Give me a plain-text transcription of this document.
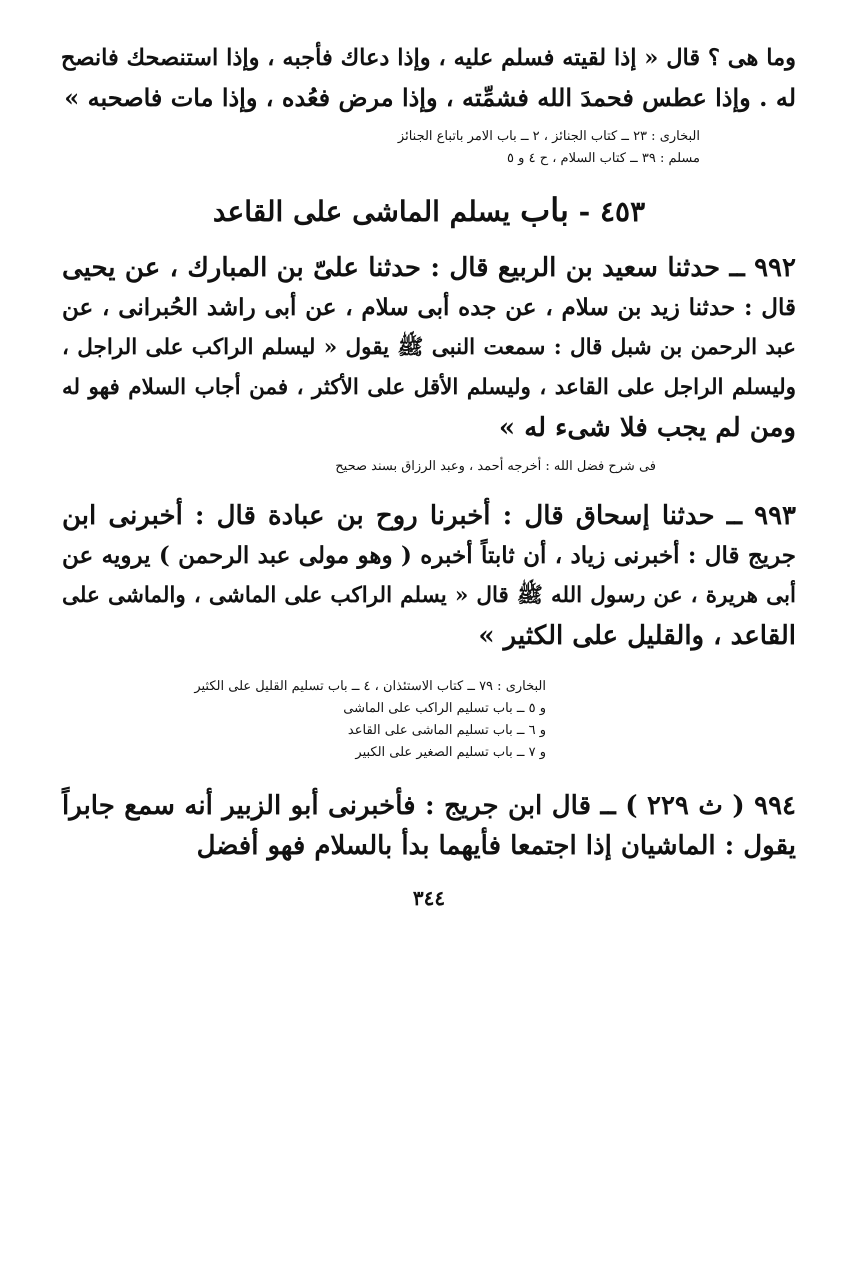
وما هى ؟ قال « إذا لقيته فسلم عليه ، وإذا دعاك فأجبه ، وإذا استنصحك فانصح
له . وإذا عطس فحمدَ الله فشمِّته ، وإذا مرض فعُده ، وإذا مات فاصحبه »
البخارى : ٢٣ ــ كتاب الجنائز ، ٢ ــ باب الامر باتباع الجنائز
مسلم : ٣٩ ــ كتاب السلام ، ح ٤ و ٥
٤٥٣ - باب يسلم الماشى على القاعد
٩٩٢ ــ حدثنا سعيد بن الربيع قال : حدثنا علىّ بن المبارك ، عن يحيى
قال : حدثنا زيد بن سلام ، عن جده أبى سلام ، عن أبى راشد الحُبرانى ، عن
عبد الرحمن بن شبل قال : سمعت النبى ﷺ يقول « ليسلم الراكب على الراجل ،
وليسلم الراجل على القاعد ، وليسلم الأقل على الأكثر ، فمن أجاب السلام فهو له
ومن لم يجب فلا شىء له »
فى شرح فضل الله : أخرجه أحمد ، وعبد الرزاق بسند صحيح
٩٩٣ ــ حدثنا إسحاق قال : أخبرنا روح بن عبادة قال : أخبرنى ابن
جريج قال : أخبرنى زياد ، أن ثابتاً أخبره ( وهو مولى عبد الرحمن ) يرويه عن
أبى هريرة ، عن رسول الله ﷺ قال « يسلم الراكب على الماشى ، والماشى على
القاعد ، والقليل على الكثير »
البخارى : ٧٩ ــ كتاب الاستئذان ، ٤ ــ باب تسليم القليل على الكثير
و ٥ ــ باب تسليم الراكب على الماشى
و ٦ ــ باب تسليم الماشى على القاعد
و ٧ ــ باب تسليم الصغير على الكبير
٩٩٤ ( ث ٢٢٩ ) ــ قال ابن جريج : فأخبرنى أبو الزبير أنه سمع جابراً
يقول : الماشيان إذا اجتمعا فأيهما بدأ بالسلام فهو أفضل
٣٤٤
